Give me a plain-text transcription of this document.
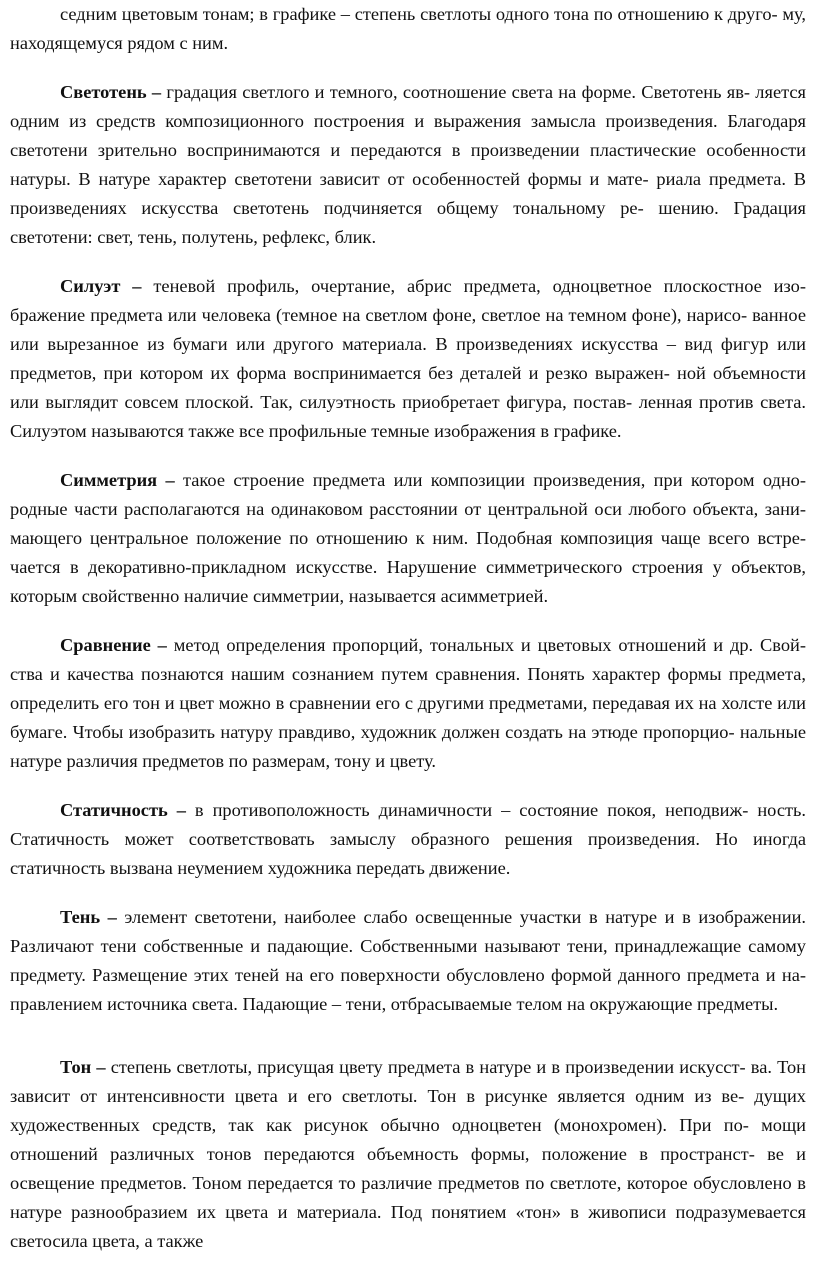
седним цветовым тонам; в графике – степень светлоты одного тона по отношению к друго- му, находящемуся рядом с ним.

Светотень – градация светлого и темного, соотношение света на форме. Светотень яв- ляется одним из средств композиционного построения и выражения замысла произведения. Благодаря светотени зрительно воспринимаются и передаются в произведении пластические особенности натуры. В натуре характер светотени зависит от особенностей формы и мате- риала предмета. В произведениях искусства светотень подчиняется общему тональному ре- шению. Градация светотени: свет, тень, полутень, рефлекс, блик.

Силуэт – теневой профиль, очертание, абрис предмета, одноцветное плоскостное изо- бражение предмета или человека (темное на светлом фоне, светлое на темном фоне), нарисо- ванное или вырезанное из бумаги или другого материала. В произведениях искусства – вид фигур или предметов, при котором их форма воспринимается без деталей и резко выражен- ной объемности или выглядит совсем плоской. Так, силуэтность приобретает фигура, постав- ленная против света. Силуэтом называются также все профильные темные изображения в графике.

Симметрия – такое строение предмета или композиции произведения, при котором одно- родные части располагаются на одинаковом расстоянии от центральной оси любого объекта, зани- мающего центральное положение по отношению к ним. Подобная композиция чаще всего встре- чается в декоративно-прикладном искусстве. Нарушение симметрического строения у объектов, которым свойственно наличие симметрии, называется асимметрией.

Сравнение – метод определения пропорций, тональных и цветовых отношений и др. Свой- ства и качества познаются нашим сознанием путем сравнения. Понять характер формы предмета, определить его тон и цвет можно в сравнении его с другими предметами, передавая их на холсте или бумаге. Чтобы изобразить натуру правдиво, художник должен создать на этюде пропорцио- нальные натуре различия предметов по размерам, тону и цвету.

Статичность – в противоположность динамичности – состояние покоя, неподвиж- ность. Статичность может соответствовать замыслу образного решения произведения. Но иногда статичность вызвана неумением художника передать движение.

Тень – элемент светотени, наиболее слабо освещенные участки в натуре и в изображении. Различают тени собственные и падающие. Собственными называют тени, принадлежащие самому предмету. Размещение этих теней на его поверхности обусловлено формой данного предмета и на- правлением источника света. Падающие – тени, отбрасываемые телом на окружающие предметы.

Тон – степень светлоты, присущая цвету предмета в натуре и в произведении искусст- ва. Тон зависит от интенсивности цвета и его светлоты. Тон в рисунке является одним из ве- дущих художественных средств, так как рисунок обычно одноцветен (монохромен). При по- мощи отношений различных тонов передаются объемность формы, положение в пространст- ве и освещение предметов. Тоном передается то различие предметов по светлоте, которое обусловлено в натуре разнообразием их цвета и материала. Под понятием «тон» в живописи подразумевается светосила цвета, а также
